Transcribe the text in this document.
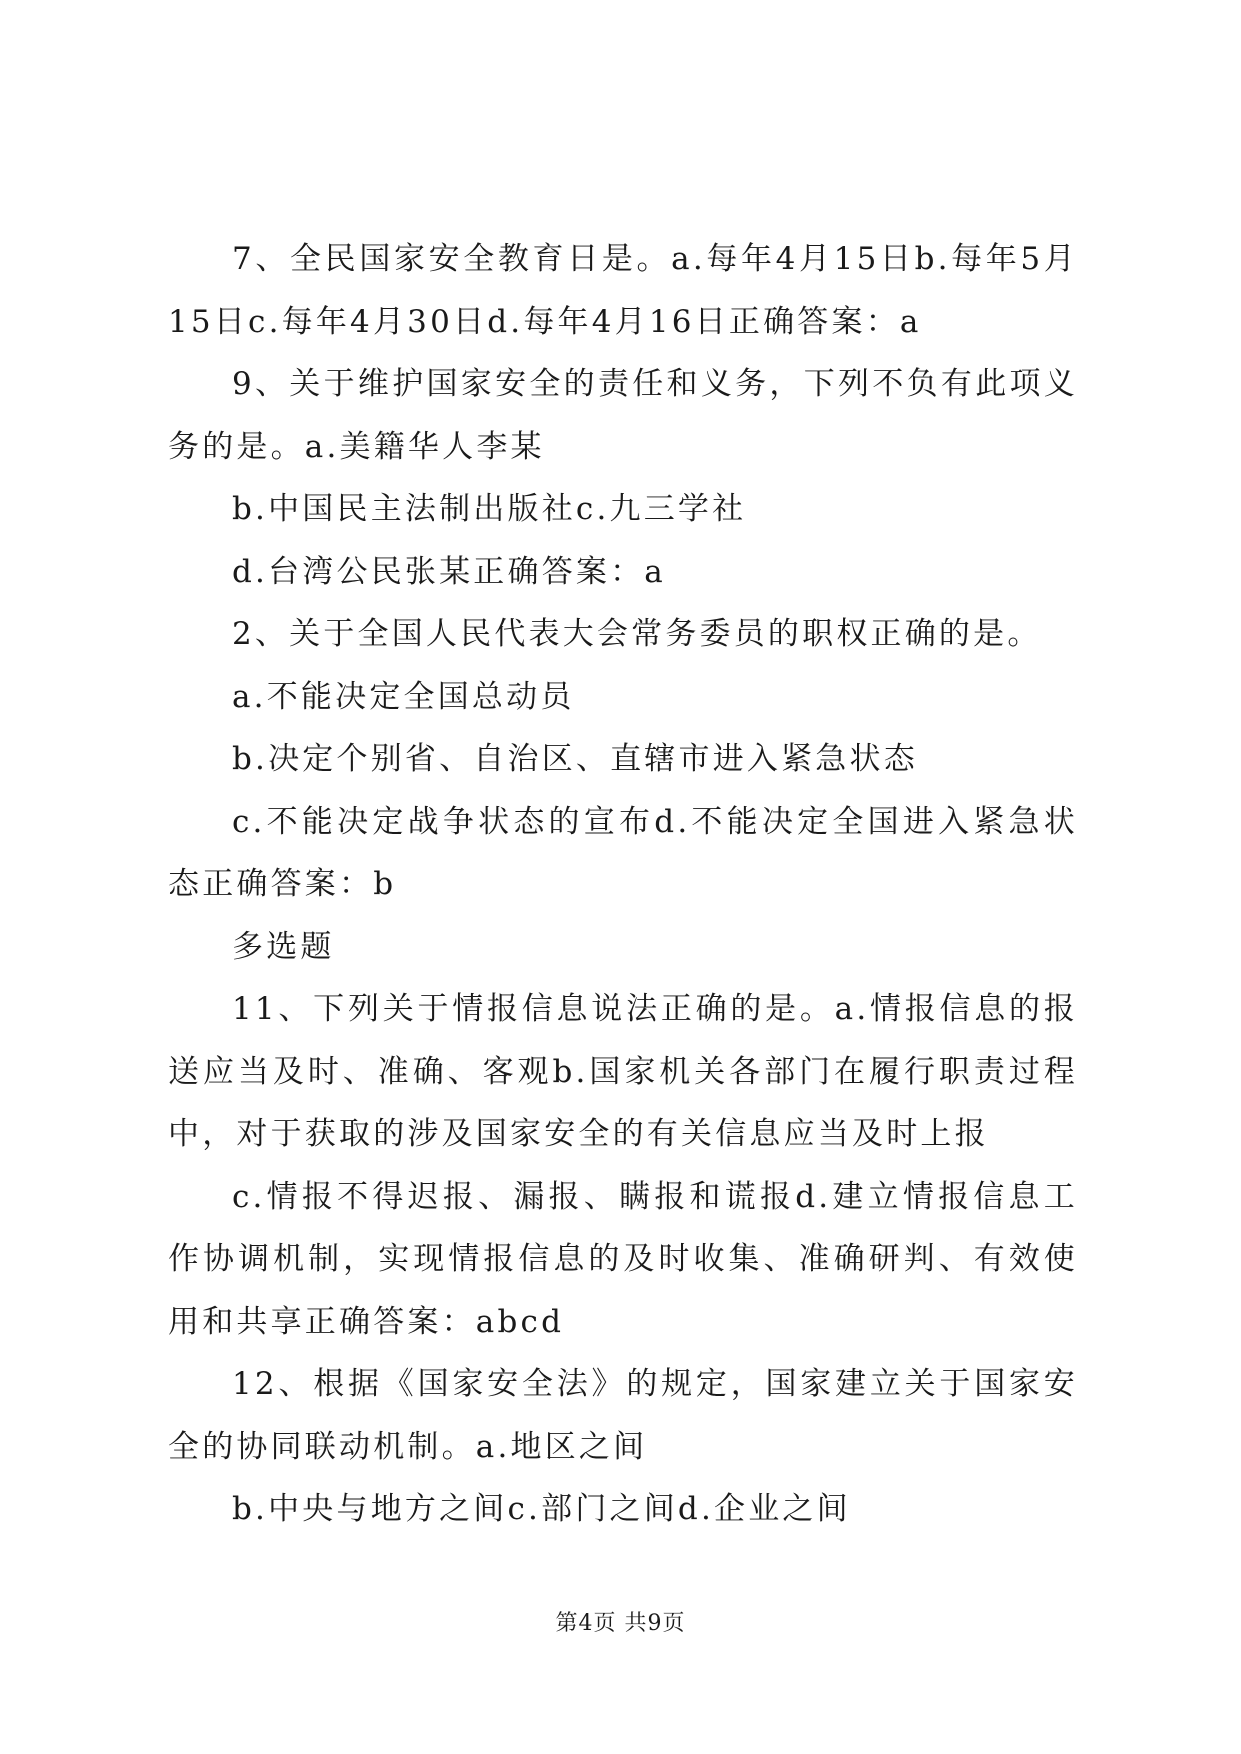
7、全民国家安全教育日是。a.每年4月15日b.每年5月15日c.每年4月30日d.每年4月16日正确答案：a

9、关于维护国家安全的责任和义务，下列不负有此项义务的是。a.美籍华人李某

b.中国民主法制出版社c.九三学社

d.台湾公民张某正确答案：a

2、关于全国人民代表大会常务委员的职权正确的是。

a.不能决定全国总动员

b.决定个别省、自治区、直辖市进入紧急状态

c.不能决定战争状态的宣布d.不能决定全国进入紧急状态正确答案：b

多选题

11、下列关于情报信息说法正确的是。a.情报信息的报送应当及时、准确、客观b.国家机关各部门在履行职责过程中，对于获取的涉及国家安全的有关信息应当及时上报

c.情报不得迟报、漏报、瞒报和谎报d.建立情报信息工作协调机制，实现情报信息的及时收集、准确研判、有效使用和共享正确答案：abcd

12、根据《国家安全法》的规定，国家建立关于国家安全的协同联动机制。a.地区之间

b.中央与地方之间c.部门之间d.企业之间

第4页 共9页
